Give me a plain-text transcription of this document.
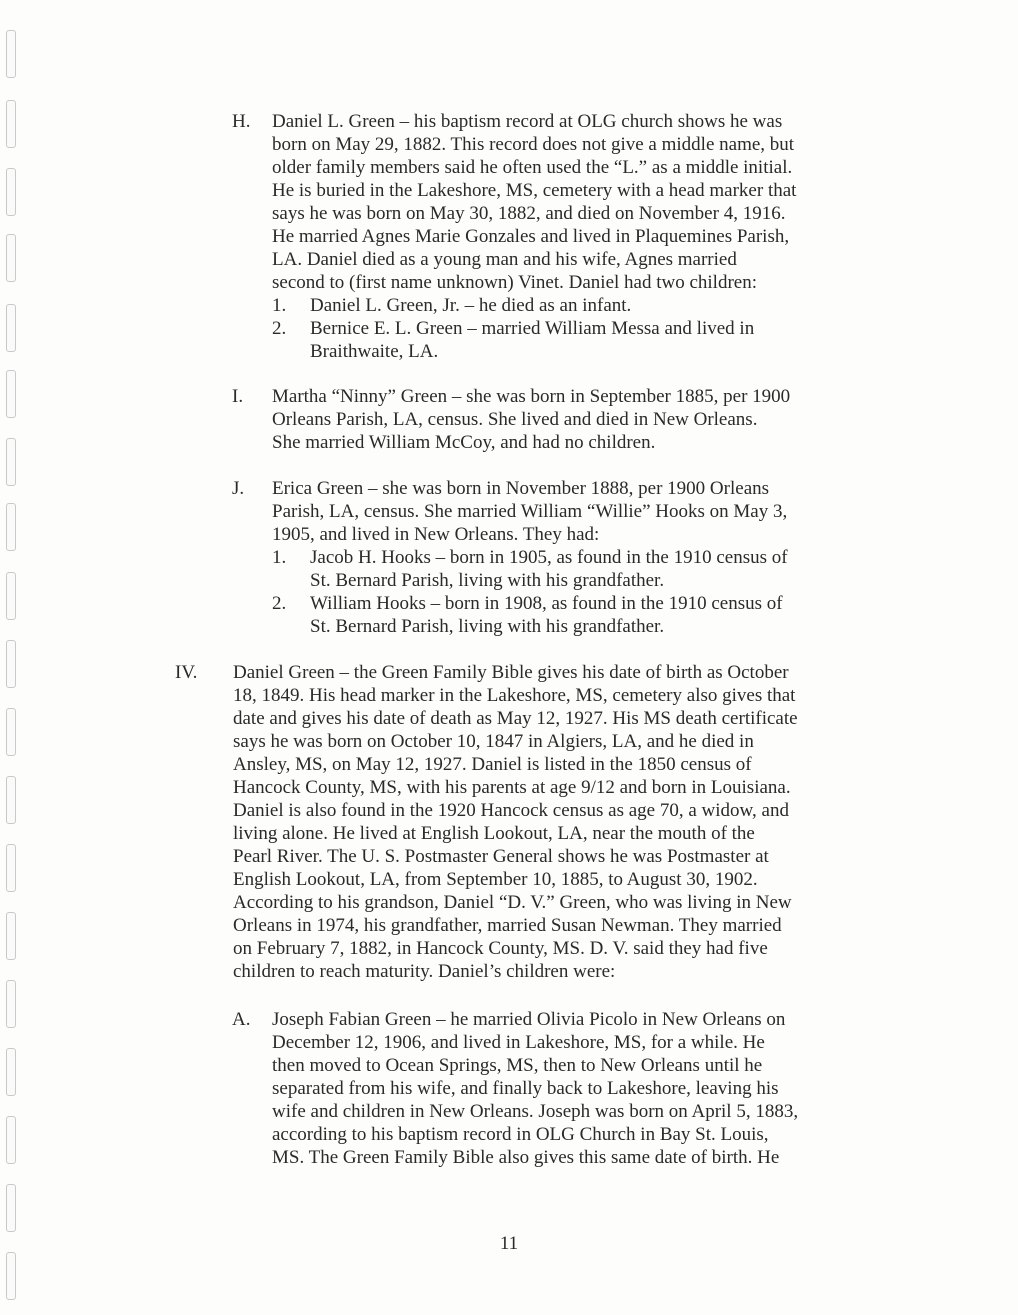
H. Daniel L. Green – his baptism record at OLG church shows he was
born on May 29, 1882. This record does not give a middle name, but
older family members said he often used the “L.” as a middle initial.
He is buried in the Lakeshore, MS, cemetery with a head marker that
says he was born on May 30, 1882, and died on November 4, 1916.
He married Agnes Marie Gonzales and lived in Plaquemines Parish,
LA. Daniel died as a young man and his wife, Agnes married
second to (first name unknown) Vinet. Daniel had two children:
1. Daniel L. Green, Jr. – he died as an infant.
2. Bernice E. L. Green – married William Messa and lived in
Braithwaite, LA.
I. Martha “Ninny” Green – she was born in September 1885, per 1900
Orleans Parish, LA, census. She lived and died in New Orleans.
She married William McCoy, and had no children.
J. Erica Green – she was born in November 1888, per 1900 Orleans
Parish, LA, census. She married William “Willie” Hooks on May 3,
1905, and lived in New Orleans. They had:
1. Jacob H. Hooks – born in 1905, as found in the 1910 census of
St. Bernard Parish, living with his grandfather.
2. William Hooks – born in 1908, as found in the 1910 census of
St. Bernard Parish, living with his grandfather.
IV. Daniel Green – the Green Family Bible gives his date of birth as October
18, 1849. His head marker in the Lakeshore, MS, cemetery also gives that
date and gives his date of death as May 12, 1927. His MS death certificate
says he was born on October 10, 1847 in Algiers, LA, and he died in
Ansley, MS, on May 12, 1927. Daniel is listed in the 1850 census of
Hancock County, MS, with his parents at age 9/12 and born in Louisiana.
Daniel is also found in the 1920 Hancock census as age 70, a widow, and
living alone. He lived at English Lookout, LA, near the mouth of the
Pearl River. The U. S. Postmaster General shows he was Postmaster at
English Lookout, LA, from September 10, 1885, to August 30, 1902.
According to his grandson, Daniel “D. V.” Green, who was living in New
Orleans in 1974, his grandfather, married Susan Newman. They married
on February 7, 1882, in Hancock County, MS. D. V. said they had five
children to reach maturity. Daniel’s children were:
A. Joseph Fabian Green – he married Olivia Picolo in New Orleans on
December 12, 1906, and lived in Lakeshore, MS, for a while. He
then moved to Ocean Springs, MS, then to New Orleans until he
separated from his wife, and finally back to Lakeshore, leaving his
wife and children in New Orleans. Joseph was born on April 5, 1883,
according to his baptism record in OLG Church in Bay St. Louis,
MS. The Green Family Bible also gives this same date of birth. He
11
